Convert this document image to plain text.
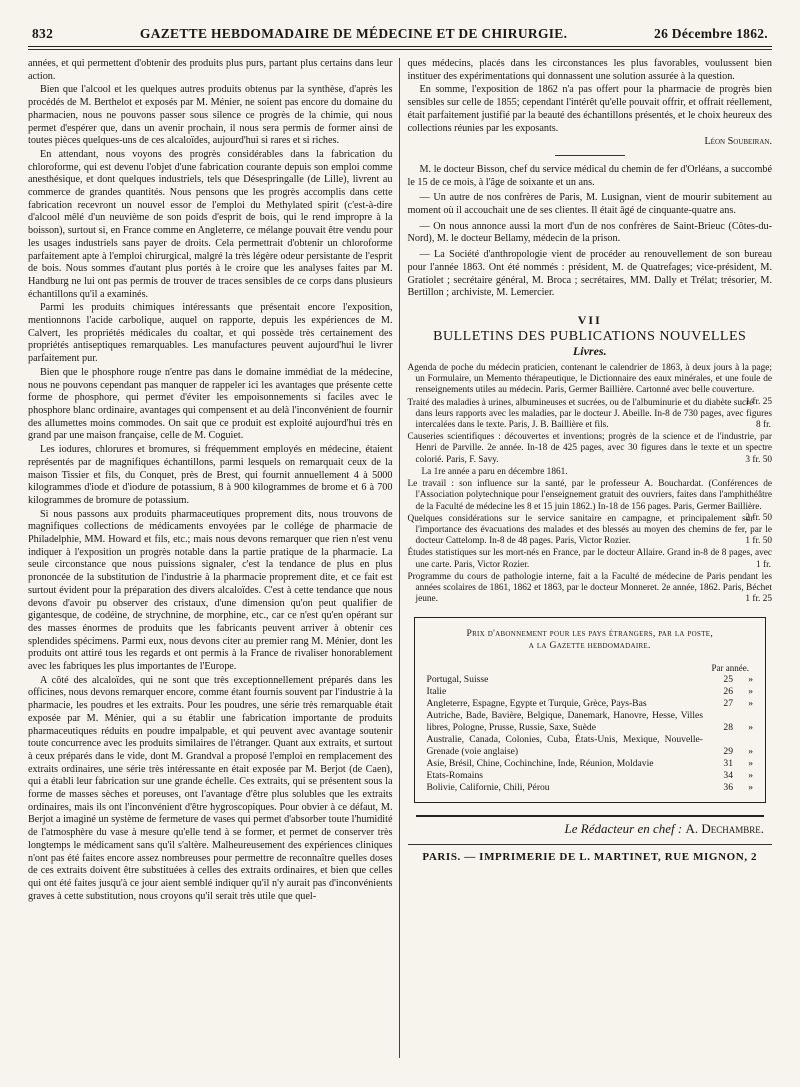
832	GAZETTE HEBDOMADAIRE DE MÉDECINE ET DE CHIRURGIE.	26 Décembre 1862.

années, et qui permettent d'obtenir des produits plus purs, partant plus certains dans leur action.

Bien que l'alcool et les quelques autres produits obtenus par la synthèse, d'après les procédés de M. Berthelot et exposés par M. Ménier, ne soient pas encore du domaine du pharmacien, nous ne pouvons passer sous silence ce progrès de la chimie, qui nous permet d'espérer que, dans un avenir prochain, il nous sera permis de former ainsi de toutes pièces quelques-uns de ces alcaloïdes, aujourd'hui si rares et si riches.

En attendant, nous voyons des progrès considérables dans la fabrication du chloroforme, qui est devenu l'objet d'une fabrication courante depuis son emploi comme anesthésique, et dont quelques industriels, tels que Désespringalle (de Lille), livrent au commerce de grandes quantités. Nous pensons que les progrès accomplis dans cette fabrication recevront un nouvel essor de l'emploi du Methylated spirit (c'est-à-dire d'alcool mêlé d'un neuvième de son poids d'esprit de bois, qui le rend impropre à la boisson), surtout si, en France comme en Angleterre, ce mélange pouvait être vendu pour les usages industriels sans payer de droits. Cela permettrait d'obtenir un chloroforme parfaitement apte à l'emploi chirurgical, malgré la très légère odeur persistante de l'esprit de bois. Nous sommes d'autant plus portés à le croire que les analyses faites par M. Handburg ne lui ont pas permis de trouver de traces sensibles de ce corps dans plusieurs échantillons qu'il a examinés.

Parmi les produits chimiques intéressants que présentait encore l'exposition, mentionnons l'acide carbolique, auquel on rapporte, depuis les expériences de M. Calvert, les propriétés médicales du coaltar, et qui possède très certainement des propriétés antiseptiques remarquables. Les manufactures peuvent aujourd'hui le livrer parfaitement pur.

Bien que le phosphore rouge n'entre pas dans le domaine immédiat de la médecine, nous ne pouvons cependant pas manquer de rappeler ici les avantages que présente cette forme de phosphore, qui permet d'éviter les empoisonnements si faciles avec le phosphore blanc ordinaire, avantages qui compensent et au delà l'inconvénient de fournir des allumettes moins commodes. On sait que ce produit est exploité aujourd'hui très en grand par une maison française, celle de M. Coguiet.

Les iodures, chlorures et bromures, si fréquemment employés en médecine, étaient représentés par de magnifiques échantillons, parmi lesquels on remarquait ceux de la maison Tissier et fils, du Conquet, près de Brest, qui fournit annuellement 4 à 5000 kilogrammes d'iode et d'iodure de potassium, 8 à 900 kilogrammes de brome et 6 à 700 kilogrammes de bromure de potassium.

Si nous passons aux produits pharmaceutiques proprement dits, nous trouvons de magnifiques collections de médicaments envoyées par le collége de pharmacie de Philadelphie, MM. Howard et fils, etc.; mais nous devons remarquer que rien n'est venu indiquer à l'exposition un progrès notable dans la partie pratique de la pharmacie. La seule circonstance que nous puissions signaler, c'est la tendance de plus en plus prononcée de la substitution de l'industrie à la pharmacie proprement dite, et ce fait est surtout évident pour la préparation des divers alcaloïdes. C'est à cette tendance que nous devons d'avoir pu observer des cristaux, d'une dimension qu'on peut qualifier de gigantesque, de codéine, de strychnine, de morphine, etc., car ce n'est qu'en opérant sur des masses énormes de produits que les fabricants peuvent arriver à obtenir ces splendides spécimens. Parmi eux, nous devons citer au premier rang M. Ménier, dont les produits ont attiré tous les regards et ont permis à la France de rivaliser honorablement avec les fabriques les plus importantes de l'Europe.

A côté des alcaloïdes, qui ne sont que très exceptionnellement préparés dans les officines, nous devons remarquer encore, comme étant fournis souvent par l'industrie à la pharmacie, les poudres et les extraits. Pour les poudres, une série très remarquable était exposée par M. Ménier, qui a su établir une fabrication importante de produits pharmaceutiques réduits en poudre impalpable, et qui peuvent avec avantage soutenir toute concurrence avec les produits similaires de l'étranger. Quant aux extraits, et surtout à ceux préparés dans le vide, dont M. Grandval a proposé l'emploi en remplacement des extraits ordinaires, une série très intéressante en était exposée par M. Berjot (de Caen), qui a établi leur fabrication sur une grande échelle. Ces extraits, qui se présentent sous la forme de masses sèches et poreuses, ont l'avantage d'être plus solubles que les extraits ordinaires, mais ils ont l'inconvénient d'être hygroscopiques. Pour obvier à ce défaut, M. Berjot a imaginé un système de fermeture de vases qui permet d'absorber toute l'humidité de l'atmosphère du vase à mesure qu'elle tend à se former, et permet de conserver très longtemps le médicament sans qu'il s'altère. Malheureusement des expériences cliniques n'ont pas été faites encore assez nombreuses pour permettre de reconnaître quelles doses de ces extraits doivent être substituées à celles des extraits ordinaires, et bien que celles qui ont été faites jusqu'à ce jour aient semblé indiquer qu'il n'y aurait pas d'inconvénients graves à cette substitution, nous croyons qu'il serait très utile que quel-

ques médecins, placés dans les circonstances les plus favorables, voulussent bien instituer des expérimentations qui donnassent une solution assurée à la question.

En somme, l'exposition de 1862 n'a pas offert pour la pharmacie de progrès bien sensibles sur celle de 1855; cependant l'intérêt qu'elle pouvait offrir, et offrait réellement, était parfaitement justifié par la beauté des échantillons présentés, et le choix heureux des collections réunies par les exposants.

Léon Soubeiran.

M. le docteur Bisson, chef du service médical du chemin de fer d'Orléans, a succombé le 15 de ce mois, à l'âge de soixante et un ans.

— Un autre de nos confrères de Paris, M. Lusignan, vient de mourir subitement au moment où il accouchait une de ses clientes. Il était âgé de cinquante-quatre ans.

— On nous annonce aussi la mort d'un de nos confrères de Saint-Brieuc (Côtes-du-Nord), M. le docteur Bellamy, médecin de la prison.

— La Société d'anthropologie vient de procéder au renouvellement de son bureau pour l'année 1863. Ont été nommés : président, M. de Quatrefages; vice-président, M. Gratiolet ; secrétaire général, M. Broca ; secrétaires, MM. Dally et Trélat; trésorier, M. Bertillon ; archiviste, M. Lemercier.

VII
BULLETINS DES PUBLICATIONS NOUVELLES
Livres.
Agenda de poche du médecin praticien, contenant le calendrier de 1863, à deux jours à la page; un Formulaire, un Memento thérapeutique, le Dictionnaire des eaux minérales, et une foule de renseignements utiles au médecin. Paris, Germer Baillière. Cartonné avec belle couverture.
1 fr. 25
Traité des maladies à urines, albumineuses et sucrées, ou de l'albuminurie et du diabète sucré dans leurs rapports avec les maladies, par le docteur J. Abeille. In-8 de 730 pages, avec figures intercalées dans le texte. Paris, J. B. Baillière et fils.	8 fr.
Causeries scientifiques : découvertes et inventions; progrès de la science et de l'industrie, par Henri de Parville. 2e année. In-18 de 425 pages, avec 30 figures dans le texte et un spectre colorié. Paris, F. Savy.	3 fr. 50
La 1re année a paru en décembre 1861.
Le travail : son influence sur la santé, par le professeur A. Bouchardat. (Conférences de l'Association polytechnique pour l'enseignement gratuit des ouvriers, faites dans l'amphithéâtre de la Faculté de médecine les 8 et 15 juin 1862.) In-18 de 156 pages. Paris, Germer Baillière.
2 fr. 50
Quelques considérations sur le service sanitaire en campagne, et principalement sur l'importance des évacuations des malades et des blessés au moyen des chemins de fer, par le docteur Cattelomp. In-8 de 48 pages. Paris, Victor Rozier.	1 fr. 50
Études statistiques sur les mort-nés en France, par le docteur Allaire. Grand in-8 de 8 pages, avec une carte. Paris, Victor Rozier.	1 fr.
Programme du cours de pathologie interne, fait a la Faculté de médecine de Paris pendant les années scolaires de 1861, 1862 et 1863, par le docteur Monneret. 2e année, 1862. Paris, Béchet jeune.	1 fr. 25
Prix d'abonnement pour les pays étrangers, par la poste,
a la Gazette hebdomadaire.
Par année.
Portugal, Suisse	25	»
Italie	26	»
Angleterre, Espagne, Egypte et Turquie, Grèce, Pays-Bas	27	»
Autriche, Bade, Bavière, Belgique, Danemark, Hanovre, Hesse, Villes libres, Pologne, Prusse, Russie, Saxe, Suède	28	»
Australie, Canada, Colonies, Cuba, États-Unis, Mexique, Nouvelle-Grenade (voie anglaise)	29	»
Asie, Brésil, Chine, Cochinchine, Inde, Réunion, Moldavie	31	»
Etats-Romains	34	»
Bolivie, Californie, Chili, Pérou	36	»
Le Rédacteur en chef : A. Dechambre.
PARIS. — IMPRIMERIE DE L. MARTINET, RUE MIGNON, 2
